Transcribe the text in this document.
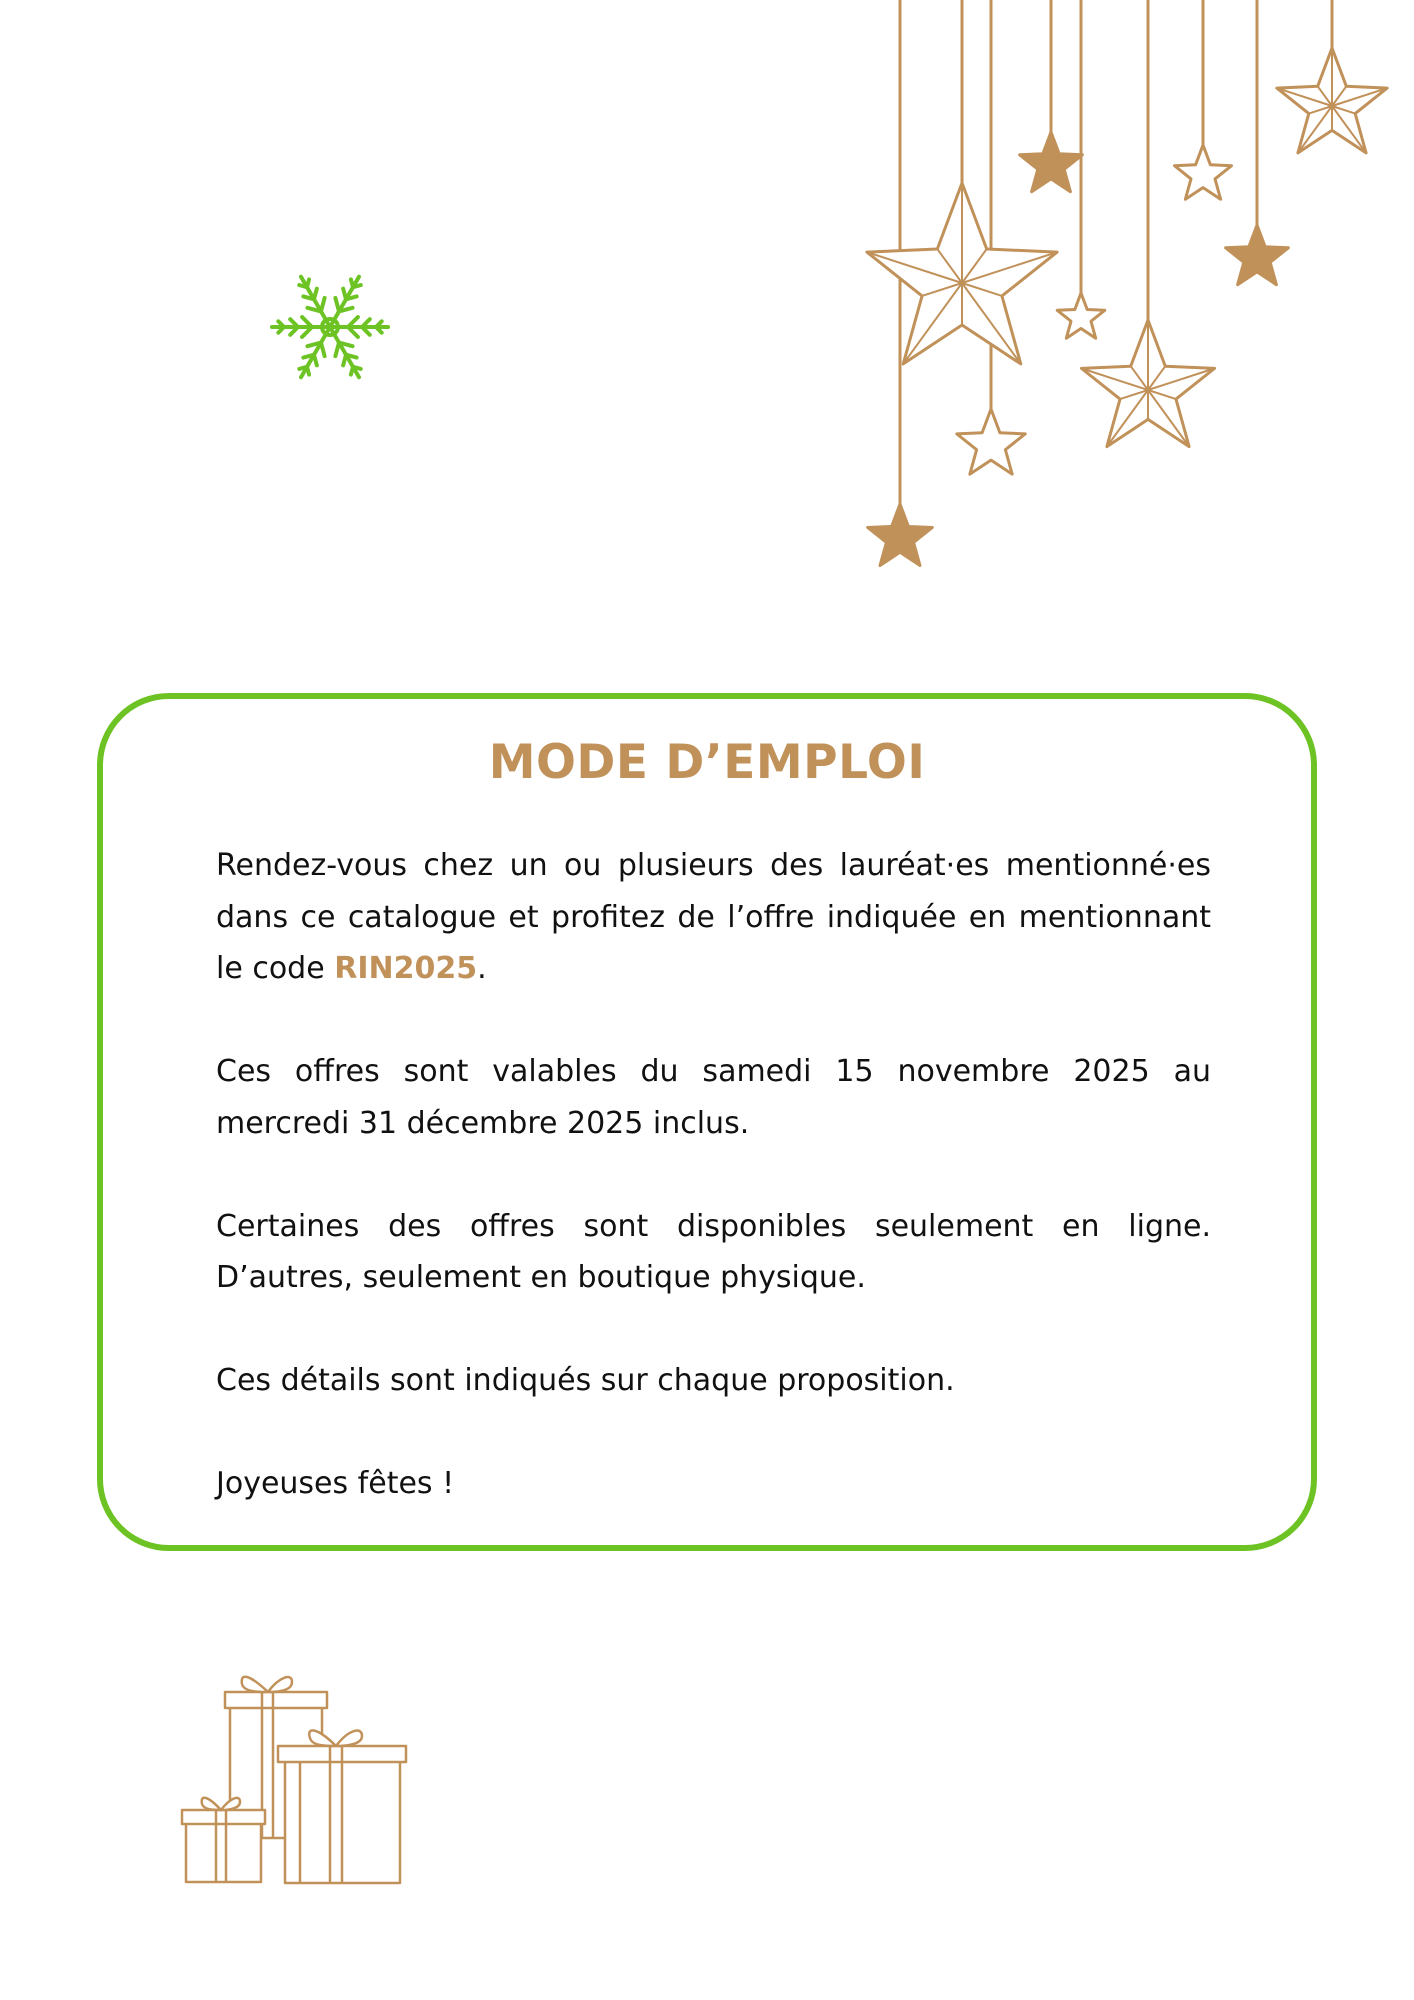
MODE D’EMPLOI

Rendez-vous chez un ou plusieurs des lauréat·es mentionné·es dans ce catalogue et profitez de l’offre indiquée en mentionnant le code RIN2025.

Ces offres sont valables du samedi 15 novembre 2025 au mercredi 31 décembre 2025 inclus.

Certaines des offres sont disponibles seulement en ligne. D’autres, seulement en boutique physique.

Ces détails sont indiqués sur chaque proposition.

Joyeuses fêtes !
